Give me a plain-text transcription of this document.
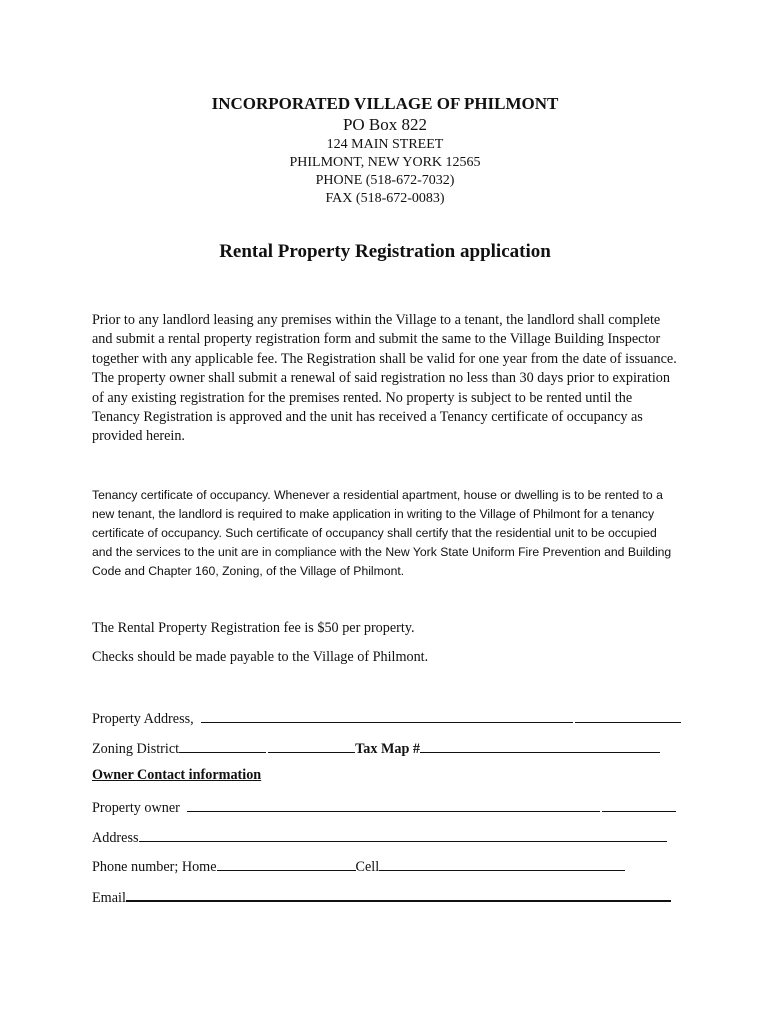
INCORPORATED VILLAGE OF PHILMONT
PO Box 822
124 MAIN STREET
PHILMONT, NEW YORK 12565
PHONE (518-672-7032)
FAX (518-672-0083)
Rental Property Registration application
Prior to any landlord leasing any premises within the Village to a tenant, the landlord shall complete and submit a rental property registration form and submit the same to the Village Building Inspector together with any applicable fee. The Registration shall be valid for one year from the date of issuance. The property owner shall submit a renewal of said registration no less than 30 days prior to expiration of any existing registration for the premises rented. No property is subject to be rented until the Tenancy Registration is approved and the unit has received a Tenancy certificate of occupancy as provided herein.
Tenancy certificate of occupancy. Whenever a residential apartment, house or dwelling is to be rented to a new tenant, the landlord is required to make application in writing to the Village of Philmont for a tenancy certificate of occupancy. Such certificate of occupancy shall certify that the residential unit to be occupied and the services to the unit are in compliance with the New York State Uniform Fire Prevention and Building Code and Chapter 160, Zoning, of the Village of Philmont.
The Rental Property Registration fee is $50 per property.
Checks should be made payable to the Village of Philmont.
Property Address,
Zoning District	Tax Map #
Owner Contact information
Property owner
Address
Phone number; Home	Cell
Email
